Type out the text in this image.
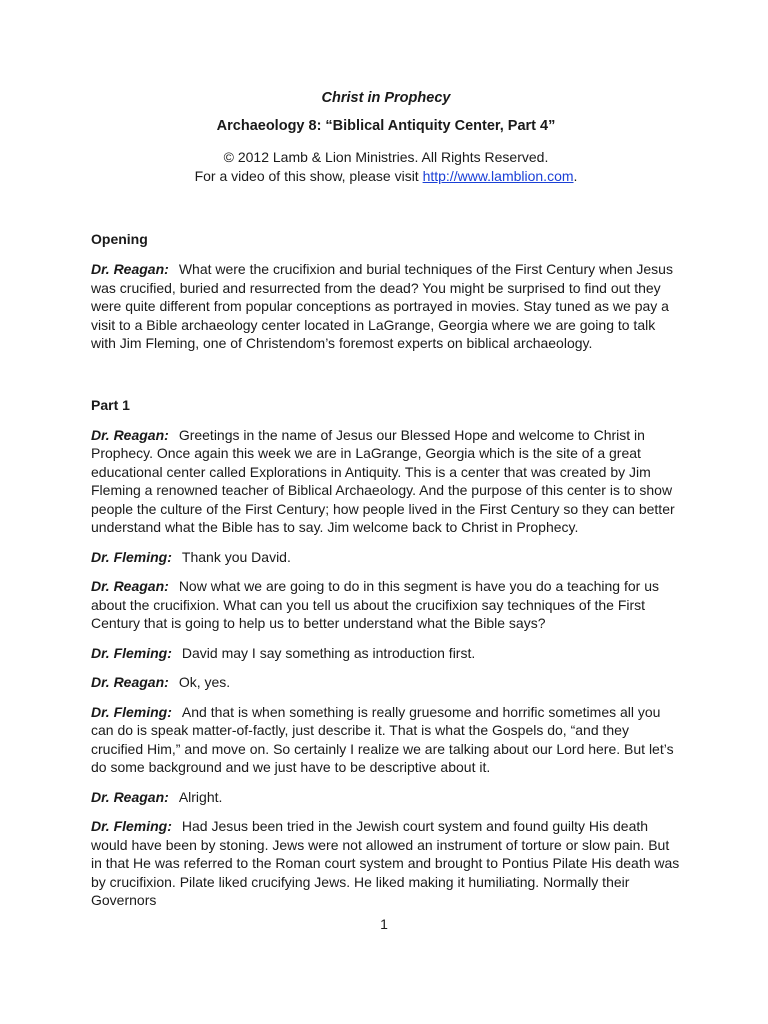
Christ in Prophecy

Archaeology 8: “Biblical Antiquity Center, Part 4”

© 2012 Lamb & Lion Ministries. All Rights Reserved.

For a video of this show, please visit http://www.lamblion.com.

Opening

Dr. Reagan: What were the crucifixion and burial techniques of the First Century when Jesus was crucified, buried and resurrected from the dead? You might be surprised to find out they were quite different from popular conceptions as portrayed in movies. Stay tuned as we pay a visit to a Bible archaeology center located in LaGrange, Georgia where we are going to talk with Jim Fleming, one of Christendom’s foremost experts on biblical archaeology.

Part 1

Dr. Reagan: Greetings in the name of Jesus our Blessed Hope and welcome to Christ in Prophecy. Once again this week we are in LaGrange, Georgia which is the site of a great educational center called Explorations in Antiquity. This is a center that was created by Jim Fleming a renowned teacher of Biblical Archaeology. And the purpose of this center is to show people the culture of the First Century; how people lived in the First Century so they can better understand what the Bible has to say. Jim welcome back to Christ in Prophecy.

Dr. Fleming: Thank you David.

Dr. Reagan: Now what we are going to do in this segment is have you do a teaching for us about the crucifixion. What can you tell us about the crucifixion say techniques of the First Century that is going to help us to better understand what the Bible says?

Dr. Fleming: David may I say something as introduction first.

Dr. Reagan: Ok, yes.

Dr. Fleming: And that is when something is really gruesome and horrific sometimes all you can do is speak matter-of-factly, just describe it. That is what the Gospels do, “and they crucified Him,” and move on. So certainly I realize we are talking about our Lord here. But let’s do some background and we just have to be descriptive about it.

Dr. Reagan: Alright.

Dr. Fleming: Had Jesus been tried in the Jewish court system and found guilty His death would have been by stoning. Jews were not allowed an instrument of torture or slow pain. But in that He was referred to the Roman court system and brought to Pontius Pilate His death was by crucifixion. Pilate liked crucifying Jews. He liked making it humiliating. Normally their Governors

1
